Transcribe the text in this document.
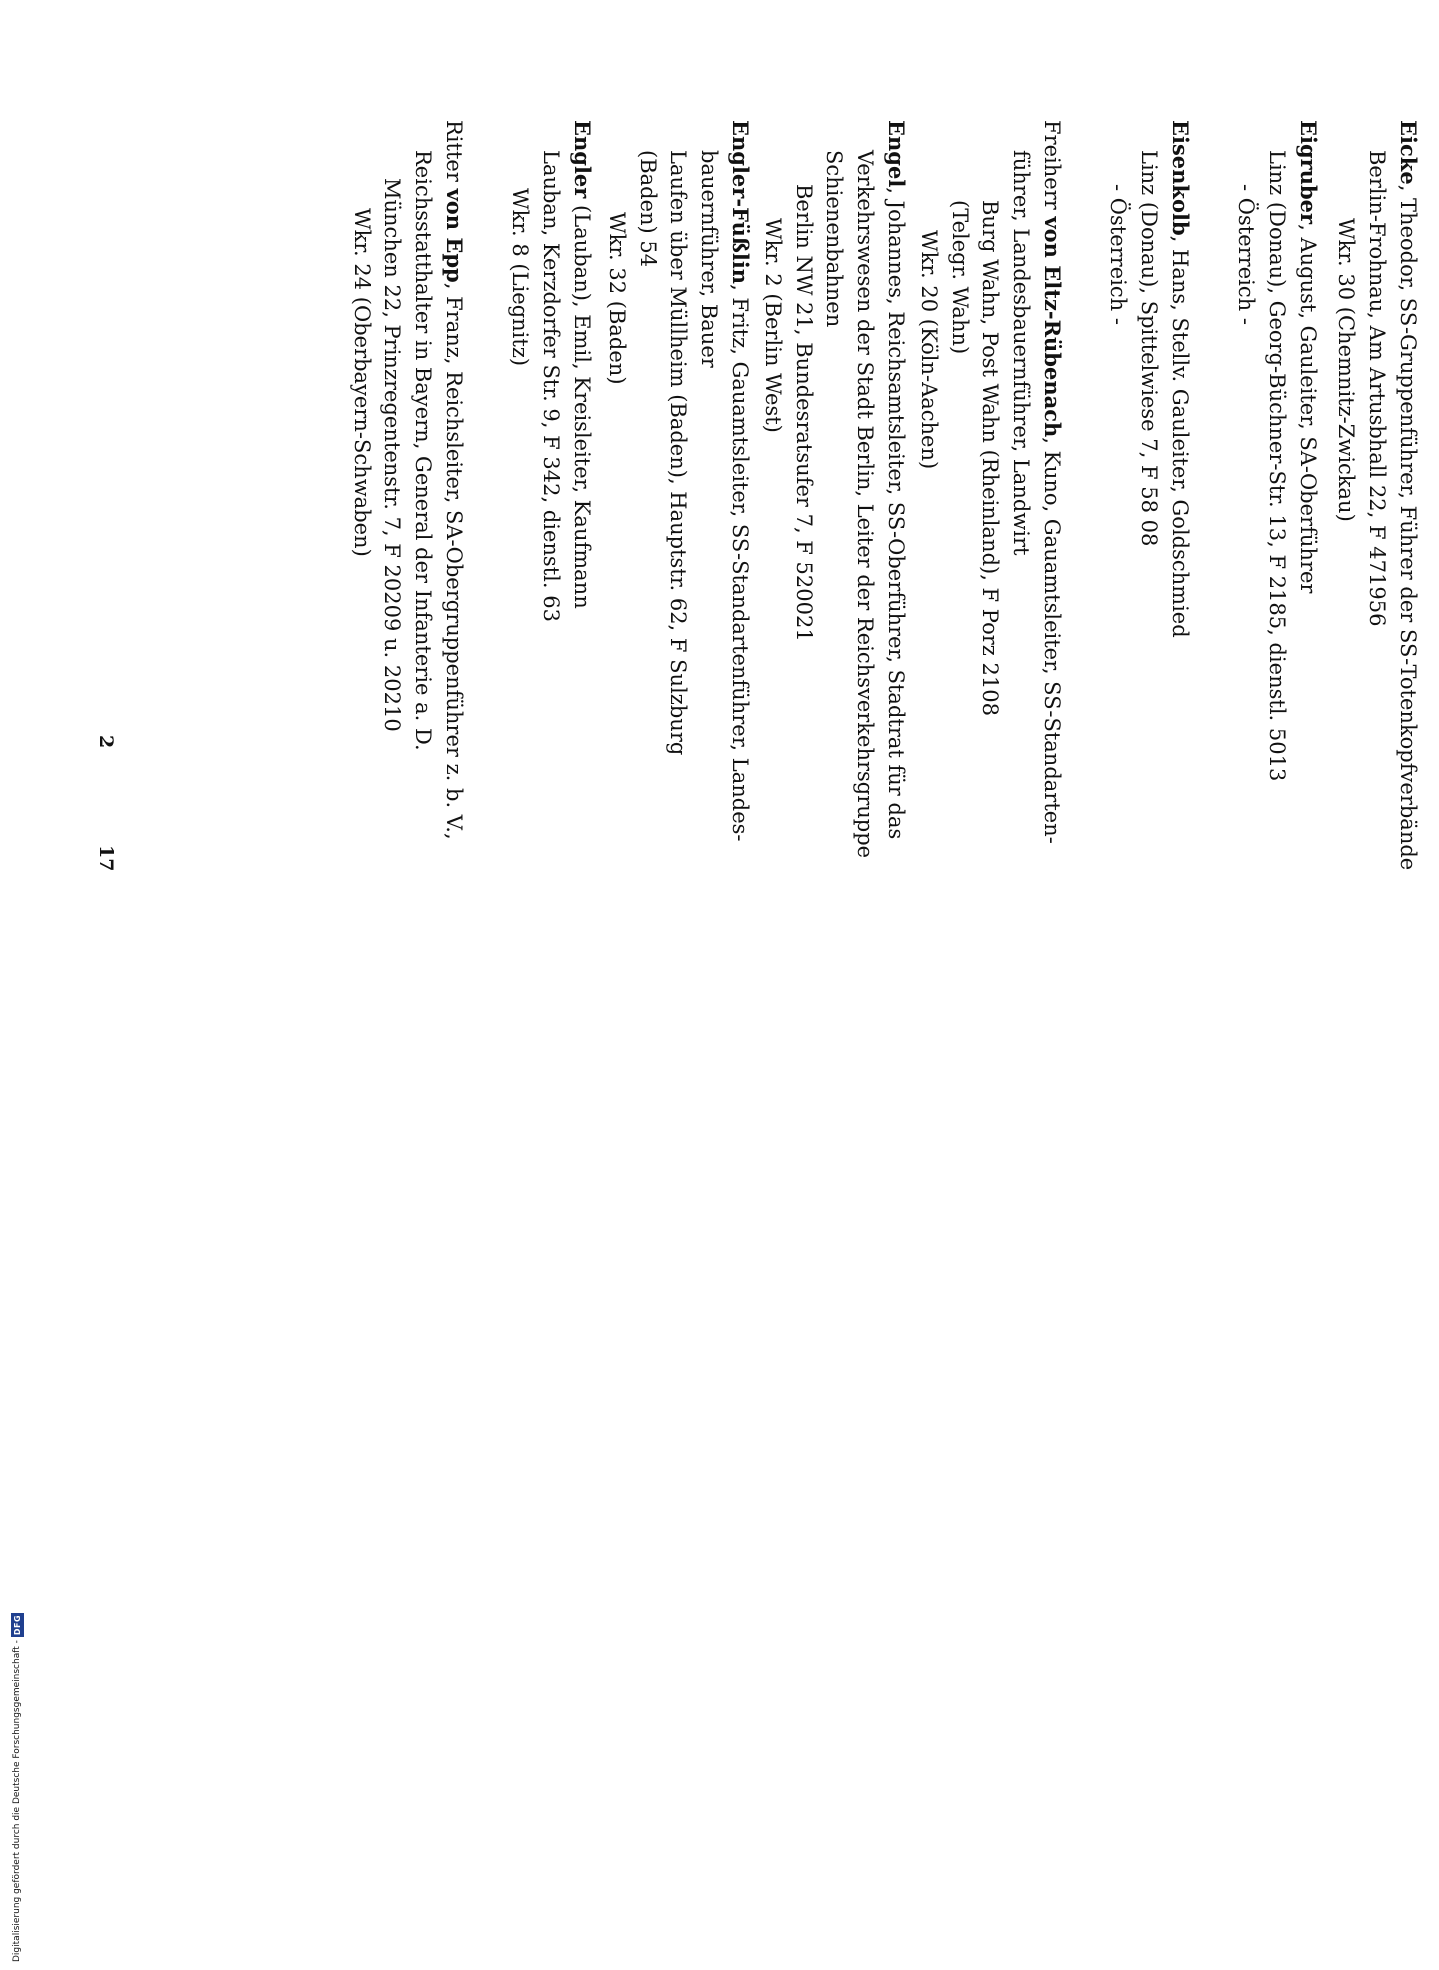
Eicke, Theodor, SS-Gruppenführer, Führer der SS-Totenkopfverbände
Berlin-Frohnau, Am Artusbhall 22, F 471956
Wkr. 30 (Chemnitz-Zwickau)
Eigruber, August, Gauleiter, SA-Oberführer
Linz (Donau), Georg-Büchner-Str. 13, F 2185, dienstl. 5013
- Österreich -
Eisenkolb, Hans, Stellv. Gauleiter, Goldschmied
Linz (Donau), Spittelwiese 7, F 58 08
- Österreich -
Freiherr von Eltz-Rübenach, Kuno, Gauamtsleiter, SS-Standarten-
führer, Landesbauernführer, Landwirt
Burg Wahn, Post Wahn (Rheinland), F Porz 2108
(Telegr. Wahn)
Wkr. 20 (Köln-Aachen)
Engel, Johannes, Reichsamtsleiter, SS-Oberführer, Stadtrat für das
Verkehrswesen der Stadt Berlin, Leiter der Reichsverkehrsgruppe
Schienenbahnen
Berlin NW 21, Bundesratsufer 7, F 520021
Wkr. 2 (Berlin West)
Engler-Füßlin, Fritz, Gauamtsleiter, SS-Standartenführer, Landes-
bauernführer, Bauer
Laufen über Müllheim (Baden), Hauptstr. 62, F Sulzburg
(Baden) 54
Wkr. 32 (Baden)
Engler (Lauban), Emil, Kreisleiter, Kaufmann
Lauban, Kerzdorfer Str. 9, F 342, dienstl. 63
Wkr. 8 (Liegnitz)
Ritter von Epp, Franz, Reichsleiter, SA-Obergruppenführer z. b. V.,
Reichsstatthalter in Bayern, General der Infanterie a. D.
München 22, Prinzregentenstr. 7, F 20209 u. 20210
Wkr. 24 (Oberbayern-Schwaben)
2
17
Digitalisierung gefördert durch die Deutsche Forschungsgemeinschaft -
DFG
